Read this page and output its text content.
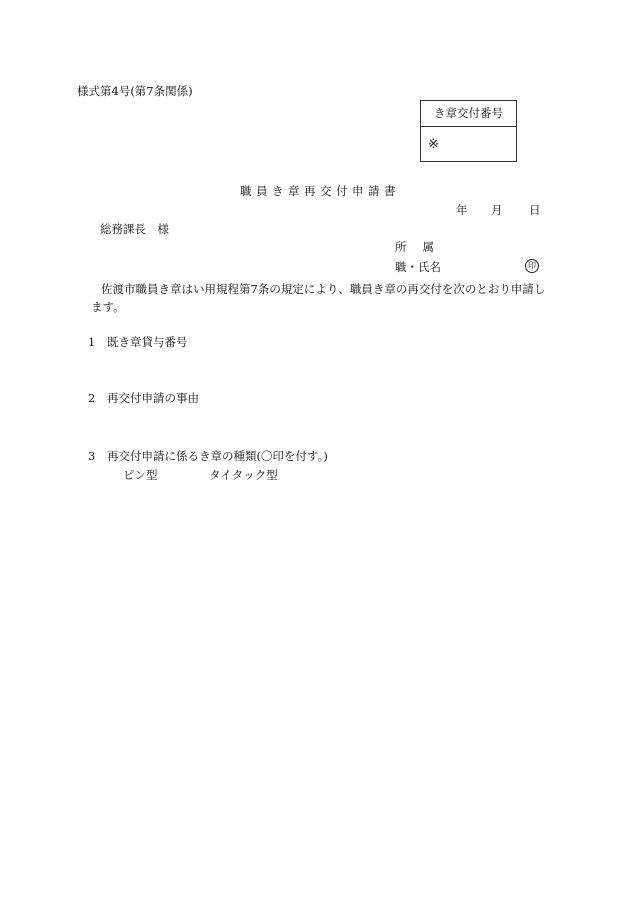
様式第4号(第7条関係)
き章交付番号
※
職員き章再交付申請書
年 月 日
総務課長　様
所属
職・氏名	印
佐渡市職員き章はい用規程第7条の規定により、職員き章の再交付を次のとおり申請し
ます。
1 既き章貸与番号
2 再交付申請の事由
3 再交付申請に係るき章の種類(〇印を付す。)
ピン型	タイタック型
